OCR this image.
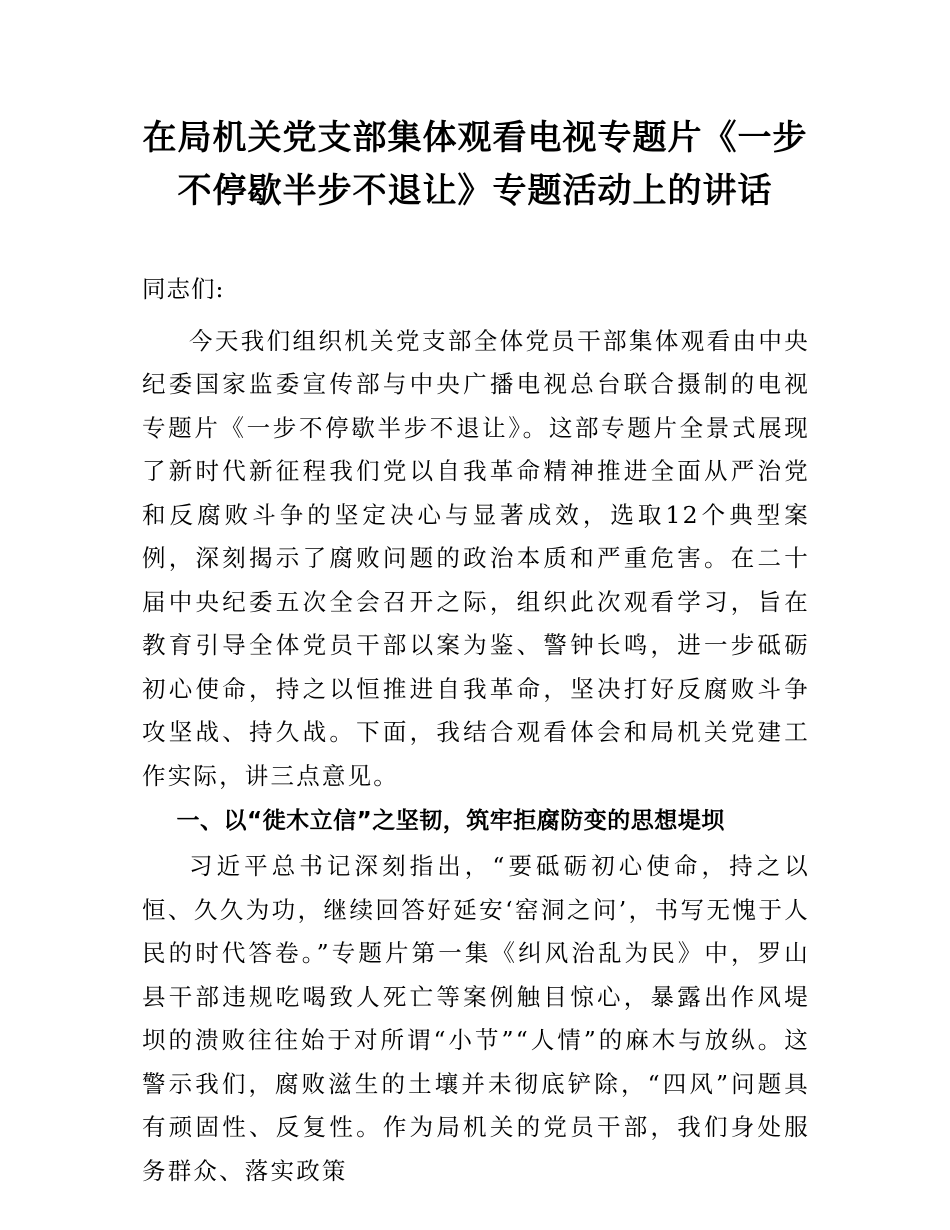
在局机关党支部集体观看电视专题片《一步
不停歇半步不退让》专题活动上的讲话

同志们:

今天我们组织机关党支部全体党员干部集体观看由中央纪委国家监委宣传部与中央广播电视总台联合摄制的电视专题片《一步不停歇半步不退让》。这部专题片全景式展现了新时代新征程我们党以自我革命精神推进全面从严治党和反腐败斗争的坚定决心与显著成效，选取12个典型案例，深刻揭示了腐败问题的政治本质和严重危害。在二十届中央纪委五次全会召开之际，组织此次观看学习，旨在教育引导全体党员干部以案为鉴、警钟长鸣，进一步砥砺初心使命，持之以恒推进自我革命，坚决打好反腐败斗争攻坚战、持久战。下面，我结合观看体会和局机关党建工作实际，讲三点意见。

一、以“徙木立信”之坚韧，筑牢拒腐防变的思想堤坝

习近平总书记深刻指出，“要砥砺初心使命，持之以恒、久久为功，继续回答好延安‘窑洞之问’，书写无愧于人民的时代答卷。”专题片第一集《纠风治乱为民》中，罗山县干部违规吃喝致人死亡等案例触目惊心，暴露出作风堤坝的溃败往往始于对所谓“小节”“人情”的麻木与放纵。这警示我们，腐败滋生的土壤并未彻底铲除，“四风”问题具有顽固性、反复性。作为局机关的党员干部，我们身处服务群众、落实政策
